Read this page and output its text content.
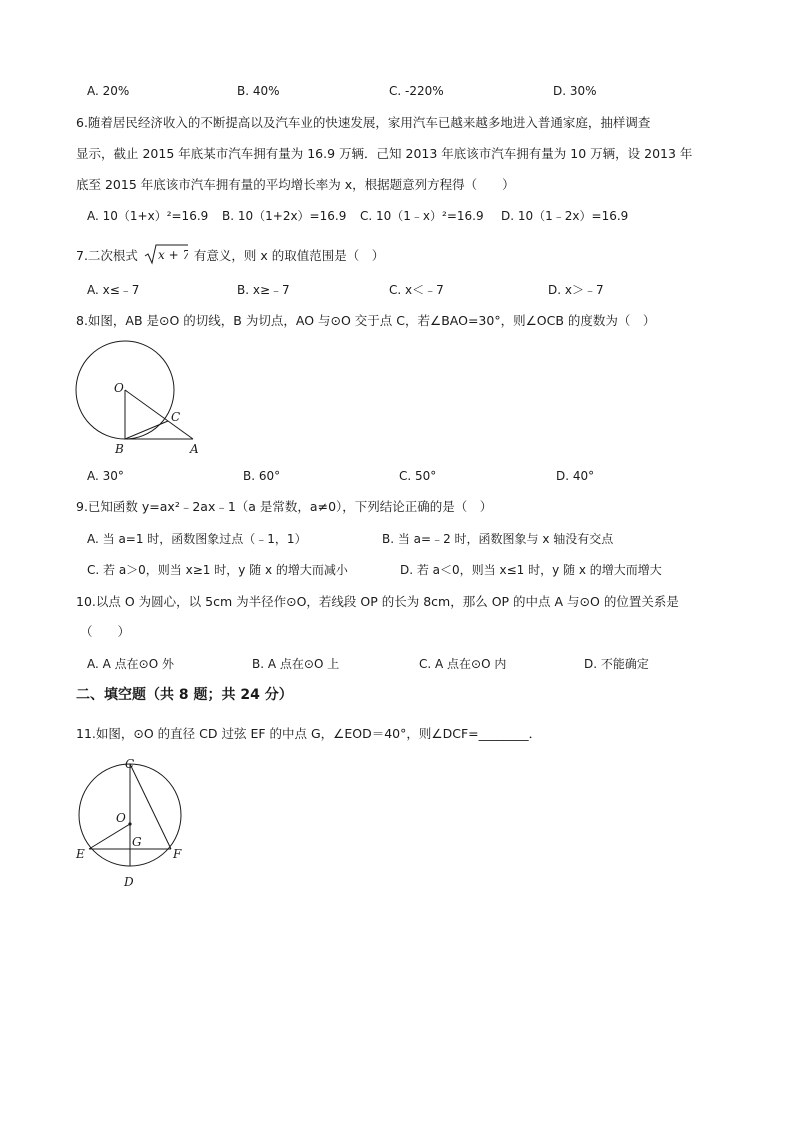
A. 20%	B. 40%	C. -220%	D. 30%
6.随着居民经济收入的不断提高以及汽车业的快速发展，家用汽车已越来越多地进入普通家庭，抽样调查
显示，截止 2015 年底某市汽车拥有量为 16.9 万辆．己知 2013 年底该市汽车拥有量为 10 万辆，设 2013 年
底至 2015 年底该市汽车拥有量的平均增长率为 x，根据题意列方程得（　　）
A. 10（1+x）²=16.9 B. 10（1+2x）=16.9 C. 10（1﹣x）²=16.9 D. 10（1﹣2x）=16.9
7.二次根式 x + 7 有意义，则 x 的取值范围是（　）
A. x≤﹣7	B. x≥﹣7	C. x＜﹣7	D. x＞﹣7
8.如图，AB 是⊙O 的切线，B 为切点，AO 与⊙O 交于点 C，若∠BAO=30°，则∠OCB 的度数为（　）
O
C
B	A
A. 30°	B. 60°	C. 50°	D. 40°
9.已知函数 y=ax²﹣2ax﹣1（a 是常数，a≠0），下列结论正确的是（　）
A. 当 a=1 时，函数图象过点（﹣1，1）	B. 当 a=﹣2 时，函数图象与 x 轴没有交点
C. 若 a＞0，则当 x≥1 时，y 随 x 的增大而减小	D. 若 a＜0，则当 x≤1 时，y 随 x 的增大而增大
10.以点 O 为圆心，以 5cm 为半径作⊙O，若线段 OP 的长为 8cm，那么 OP 的中点 A 与⊙O 的位置关系是
（　　）
A. A 点在⊙O 外	B. A 点在⊙O 上	C. A 点在⊙O 内	D. 不能确定
二、填空题（共 8 题；共 24 分）
11.如图，⊙O 的直径 CD 过弦 EF 的中点 G，∠EOD＝40°，则∠DCF=________．
C
O
G
E	F
D
